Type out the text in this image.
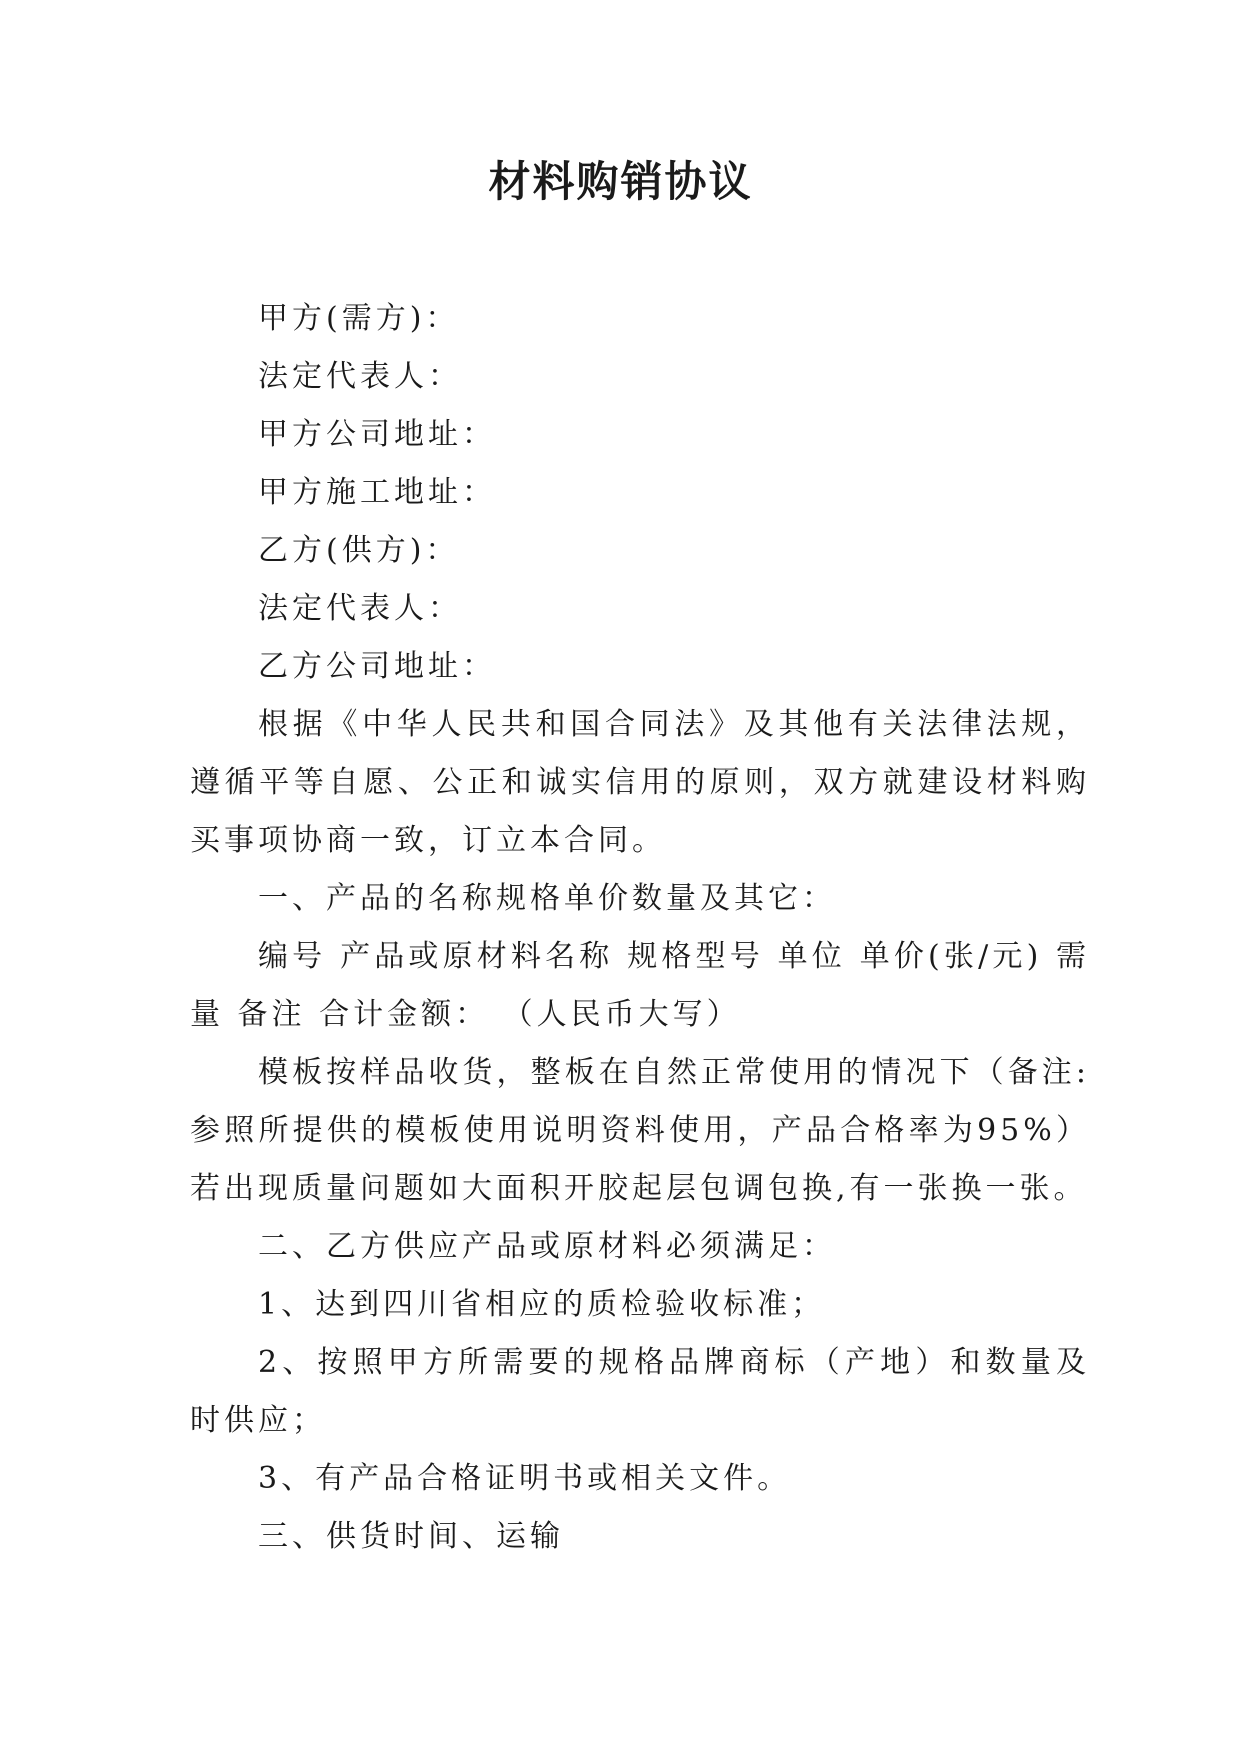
材料购销协议

甲方(需方)：

法定代表人：

甲方公司地址：

甲方施工地址：

乙方(供方)：

法定代表人：

乙方公司地址：

根据《中华人民共和国合同法》及其他有关法律法规，遵循平等自愿、公正和诚实信用的原则，双方就建设材料购买事项协商一致，订立本合同。

一、产品的名称规格单价数量及其它：

编号 产品或原材料名称 规格型号 单位 单价(张/元) 需量 备注 合计金额： （人民币大写）

模板按样品收货，整板在自然正常使用的情况下（备注:参照所提供的模板使用说明资料使用，产品合格率为95%）若出现质量问题如大面积开胶起层包调包换,有一张换一张。

二、乙方供应产品或原材料必须满足：

1、达到四川省相应的质检验收标准；

2、按照甲方所需要的规格品牌商标（产地）和数量及时供应；

3、有产品合格证明书或相关文件。

三、供货时间、运输
